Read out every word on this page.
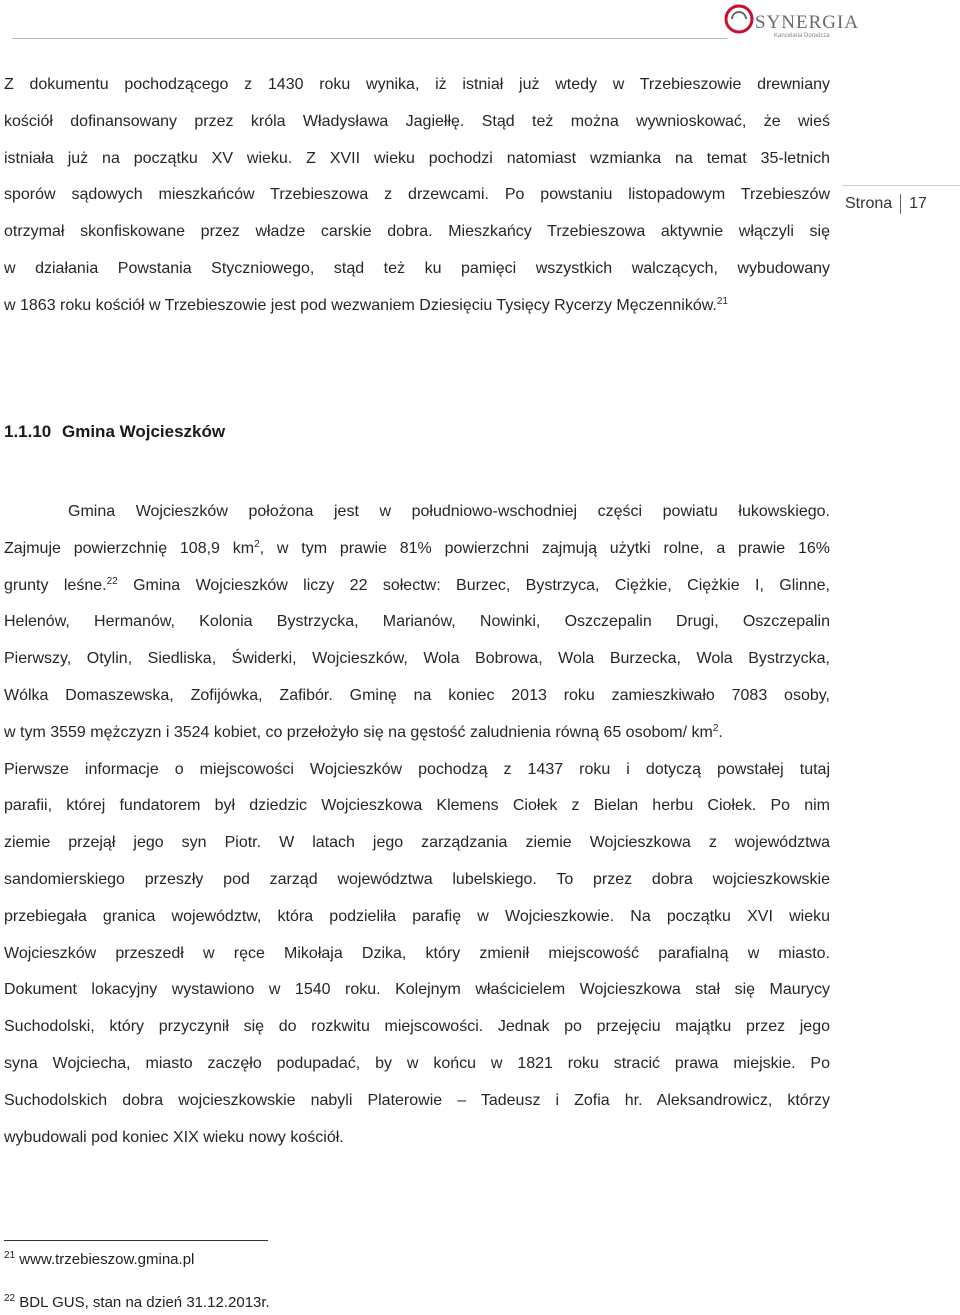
SYNERGIA
Kancelaria Doradcza
Strona 17
Z dokumentu pochodzącego z 1430 roku wynika, iż istniał już wtedy w Trzebieszowie drewniany
kościół dofinansowany przez króla Władysława Jagiełłę. Stąd też można wywnioskować, że wieś
istniała już na początku XV wieku. Z XVII wieku pochodzi natomiast wzmianka na temat 35-letnich
sporów sądowych mieszkańców Trzebieszowa z drzewcami. Po powstaniu listopadowym Trzebieszów
otrzymał skonfiskowane przez władze carskie dobra. Mieszkańcy Trzebieszowa aktywnie włączyli się
w działania Powstania Styczniowego, stąd też ku pamięci wszystkich walczących, wybudowany
w 1863 roku kościół w Trzebieszowie jest pod wezwaniem Dziesięciu Tysięcy Rycerzy Męczenników.$^{21}$
1.1.10 Gmina Wojcieszków
Gmina Wojcieszków położona jest w południowo-wschodniej części powiatu łukowskiego.
Zajmuje powierzchnię 108,9 $km^2$, w tym prawie 81% powierzchni zajmują użytki rolne, a prawie 16%
grunty leśne.$^{22}$ Gmina Wojcieszków liczy 22 sołectw: Burzec, Bystrzyca, Ciężkie, Ciężkie I, Glinne,
Helenów, Hermanów, Kolonia Bystrzycka, Marianów, Nowinki, Oszczepalin Drugi, Oszczepalin
Pierwszy, Otylin, Siedliska, Świderki, Wojcieszków, Wola Bobrowa, Wola Burzecka, Wola Bystrzycka,
Wólka Domaszewska, Zofijówka, Zafibór. Gminę na koniec 2013 roku zamieszkiwało 7083 osoby,
w tym 3559 mężczyzn i 3524 kobiet, co przełożyło się na gęstość zaludnienia równą 65 osobom/ $km^2$.
Pierwsze informacje o miejscowości Wojcieszków pochodzą z 1437 roku i dotyczą powstałej tutaj
parafii, której fundatorem był dziedzic Wojcieszkowa Klemens Ciołek z Bielan herbu Ciołek. Po nim
ziemie przejął jego syn Piotr. W latach jego zarządzania ziemie Wojcieszkowa z województwa
sandomierskiego przeszły pod zarząd województwa lubelskiego. To przez dobra wojcieszkowskie
przebiegała granica województw, która podzieliła parafię w Wojcieszkowie. Na początku XVI wieku
Wojcieszków przeszedł w ręce Mikołaja Dzika, który zmienił miejscowość parafialną w miasto.
Dokument lokacyjny wystawiono w 1540 roku. Kolejnym właścicielem Wojcieszkowa stał się Maurycy
Suchodolski, który przyczynił się do rozkwitu miejscowości. Jednak po przejęciu majątku przez jego
syna Wojciecha, miasto zaczęło podupadać, by w końcu w 1821 roku stracić prawa miejskie. Po
Suchodolskich dobra wojcieszkowskie nabyli Platerowie – Tadeusz i Zofia hr. Aleksandrowicz, którzy
wybudowali pod koniec XIX wieku nowy kościół.
$^{21}$ www.trzebieszow.gmina.pl
$^{22}$ BDL GUS, stan na dzień 31.12.2013r.
